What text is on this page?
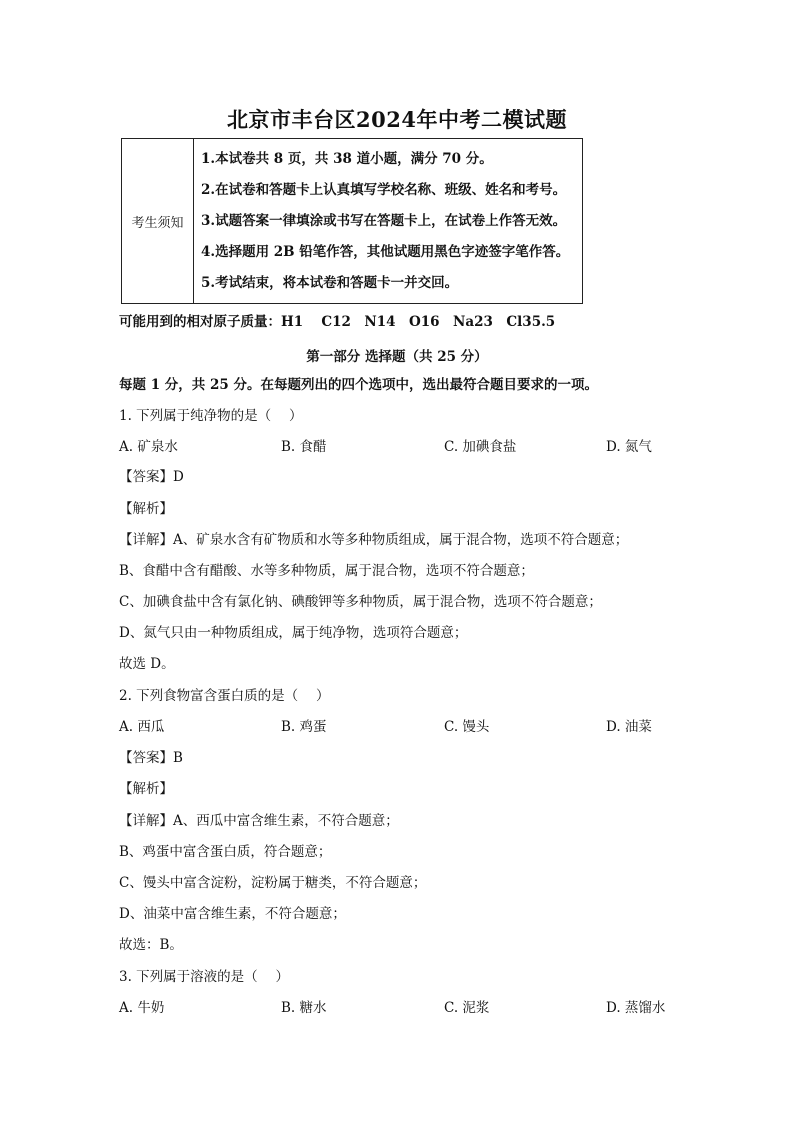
北京市丰台区2024年中考二模试题
考生须知
1.本试卷共 8 页，共 38 道小题，满分 70 分。
2.在试卷和答题卡上认真填写学校名称、班级、姓名和考号。
3.试题答案一律填涂或书写在答题卡上，在试卷上作答无效。
4.选择题用 2B 铅笔作答，其他试题用黑色字迹签字笔作答。
5.考试结束，将本试卷和答题卡一并交回。
可能用到的相对原子质量：H1　 C12　N14　O16　Na23　Cl35.5
第一部分 选择题（共 25 分）
每题 1 分，共 25 分。在每题列出的四个选项中，选出最符合题目要求的一项。
1. 下列属于纯净物的是（　 ）
A. 矿泉水	B. 食醋	C. 加碘食盐	D. 氮气
【答案】D
【解析】
【详解】A、矿泉水含有矿物质和水等多种物质组成，属于混合物，选项不符合题意；
B、食醋中含有醋酸、水等多种物质，属于混合物，选项不符合题意；
C、加碘食盐中含有氯化钠、碘酸钾等多种物质，属于混合物，选项不符合题意；
D、氮气只由一种物质组成，属于纯净物，选项符合题意；
故选 D。
2. 下列食物富含蛋白质的是（　 ）
A. 西瓜	B. 鸡蛋	C. 馒头	D. 油菜
【答案】B
【解析】
【详解】A、西瓜中富含维生素，不符合题意；
B、鸡蛋中富含蛋白质，符合题意；
C、馒头中富含淀粉，淀粉属于糖类，不符合题意；
D、油菜中富含维生素，不符合题意；
故选：B。
3. 下列属于溶液的是（　 ）
A. 牛奶	B. 糖水	C. 泥浆	D. 蒸馏水
